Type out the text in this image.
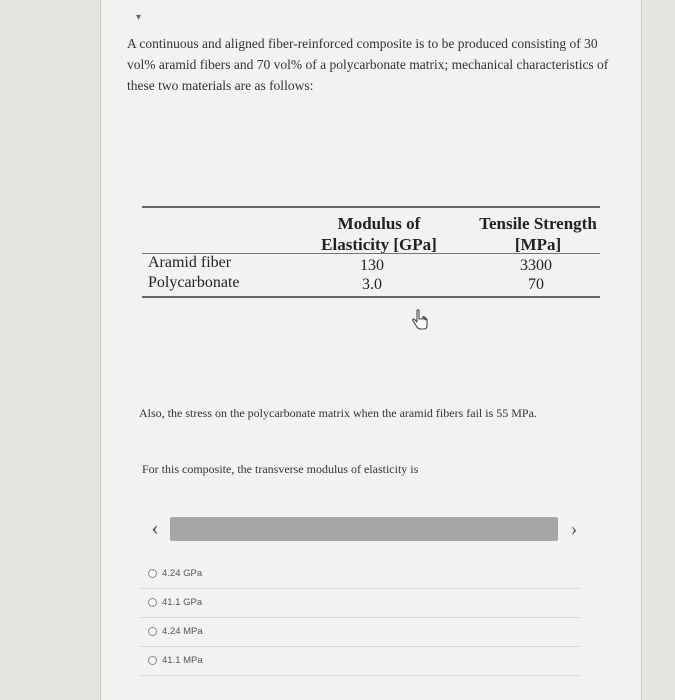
▾
A continuous and aligned fiber-reinforced composite is to be produced consisting of 30 vol% aramid fibers and 70 vol% of a polycarbonate matrix; mechanical characteristics of these two materials are as follows:
Modulus of Elasticity [GPa]
Tensile Strength [MPa]
Aramid fiber	130	3300
Polycarbonate	3.0	70
Also, the stress on the polycarbonate matrix when the aramid fibers fail is 55 MPa.
For this composite, the transverse modulus of elasticity is
‹	›
4.24 GPa
41.1 GPa
4.24 MPa
41.1 MPa
